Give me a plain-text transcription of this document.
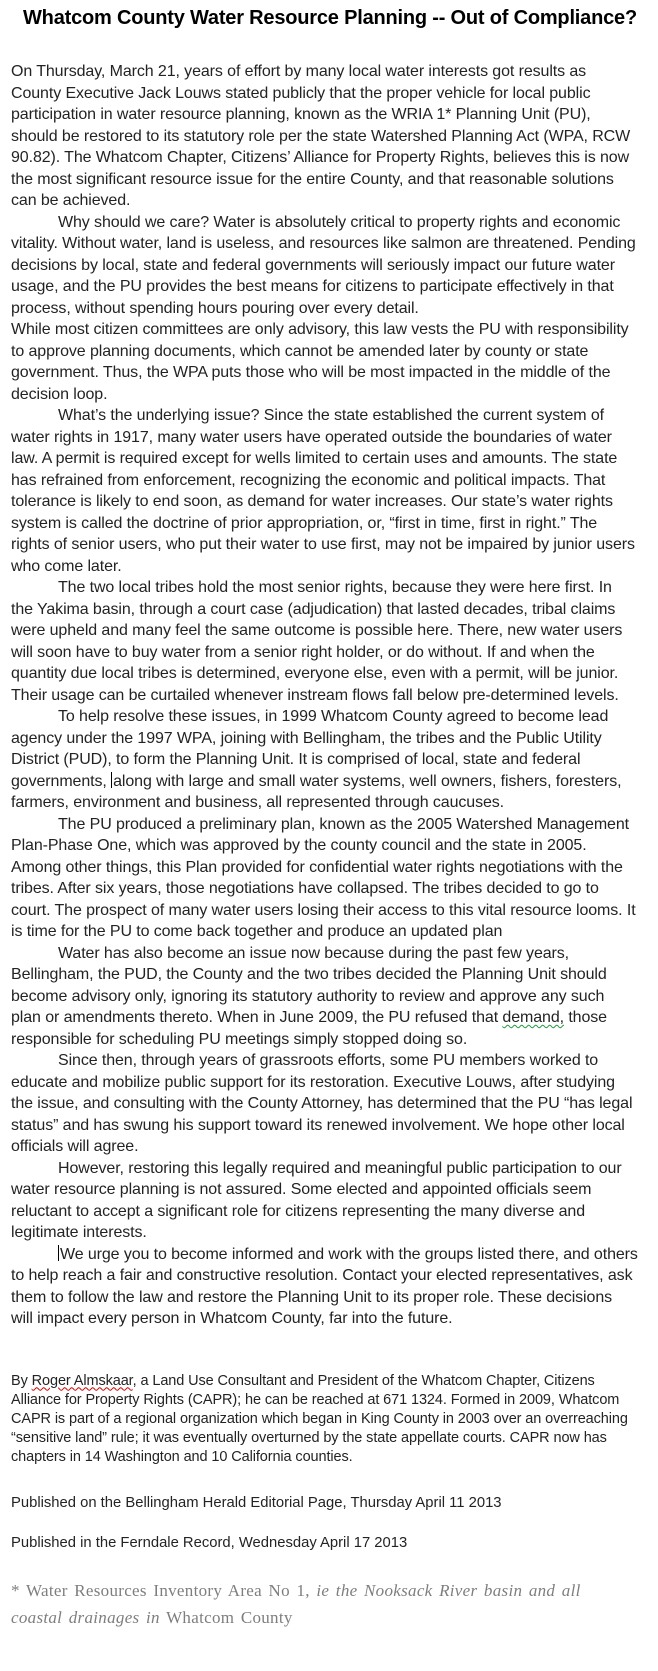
Whatcom County Water Resource Planning -- Out of Compliance?

On Thursday, March 21, years of effort by many local water interests got results as County Executive Jack Louws stated publicly that the proper vehicle for local public participation in water resource planning, known as the WRIA 1* Planning Unit (PU), should be restored to its statutory role per the state Watershed Planning Act (WPA, RCW 90.82). The Whatcom Chapter, Citizens’ Alliance for Property Rights, believes this is now the most significant resource issue for the entire County, and that reasonable solutions can be achieved.

Why should we care? Water is absolutely critical to property rights and economic vitality. Without water, land is useless, and resources like salmon are threatened. Pending decisions by local, state and federal governments will seriously impact our future water usage, and the PU provides the best means for citizens to participate effectively in that process, without spending hours pouring over every detail.

While most citizen committees are only advisory, this law vests the PU with responsibility to approve planning documents, which cannot be amended later by county or state government. Thus, the WPA puts those who will be most impacted in the middle of the decision loop.

What’s the underlying issue? Since the state established the current system of water rights in 1917, many water users have operated outside the boundaries of water law. A permit is required except for wells limited to certain uses and amounts. The state has refrained from enforcement, recognizing the economic and political impacts. That tolerance is likely to end soon, as demand for water increases. Our state’s water rights system is called the doctrine of prior appropriation, or, “first in time, first in right.” The rights of senior users, who put their water to use first, may not be impaired by junior users who come later.

The two local tribes hold the most senior rights, because they were here first. In the Yakima basin, through a court case (adjudication) that lasted decades, tribal claims were upheld and many feel the same outcome is possible here. There, new water users will soon have to buy water from a senior right holder, or do without. If and when the quantity due local tribes is determined, everyone else, even with a permit, will be junior. Their usage can be curtailed whenever instream flows fall below pre-determined levels.

To help resolve these issues, in 1999 Whatcom County agreed to become lead agency under the 1997 WPA, joining with Bellingham, the tribes and the Public Utility District (PUD), to form the Planning Unit. It is comprised of local, state and federal governments, along with large and small water systems, well owners, fishers, foresters, farmers, environment and business, all represented through caucuses.

The PU produced a preliminary plan, known as the 2005 Watershed Management Plan-Phase One, which was approved by the county council and the state in 2005. Among other things, this Plan provided for confidential water rights negotiations with the tribes. After six years, those negotiations have collapsed. The tribes decided to go to court. The prospect of many water users losing their access to this vital resource looms. It is time for the PU to come back together and produce an updated plan

Water has also become an issue now because during the past few years, Bellingham, the PUD, the County and the two tribes decided the Planning Unit should become advisory only, ignoring its statutory authority to review and approve any such plan or amendments thereto. When in June 2009, the PU refused that demand, those responsible for scheduling PU meetings simply stopped doing so.

Since then, through years of grassroots efforts, some PU members worked to educate and mobilize public support for its restoration. Executive Louws, after studying the issue, and consulting with the County Attorney, has determined that the PU “has legal status” and has swung his support toward its renewed involvement. We hope other local officials will agree.

However, restoring this legally required and meaningful public participation to our water resource planning is not assured. Some elected and appointed officials seem reluctant to accept a significant role for citizens representing the many diverse and legitimate interests.

We urge you to become informed and work with the groups listed there, and others to help reach a fair and constructive resolution. Contact your elected representatives, ask them to follow the law and restore the Planning Unit to its proper role. These decisions will impact every person in Whatcom County, far into the future.

By Roger Almskaar, a Land Use Consultant and President of the Whatcom Chapter, Citizens Alliance for Property Rights (CAPR); he can be reached at 671 1324. Formed in 2009, Whatcom CAPR is part of a regional organization which began in King County in 2003 over an overreaching “sensitive land” rule; it was eventually overturned by the state appellate courts. CAPR now has chapters in 14 Washington and 10 California counties.

Published on the Bellingham Herald Editorial Page, Thursday April 11 2013

Published in the Ferndale Record, Wednesday April 17 2013

* Water Resources Inventory Area No 1, ie the Nooksack River basin and all coastal drainages in Whatcom County
